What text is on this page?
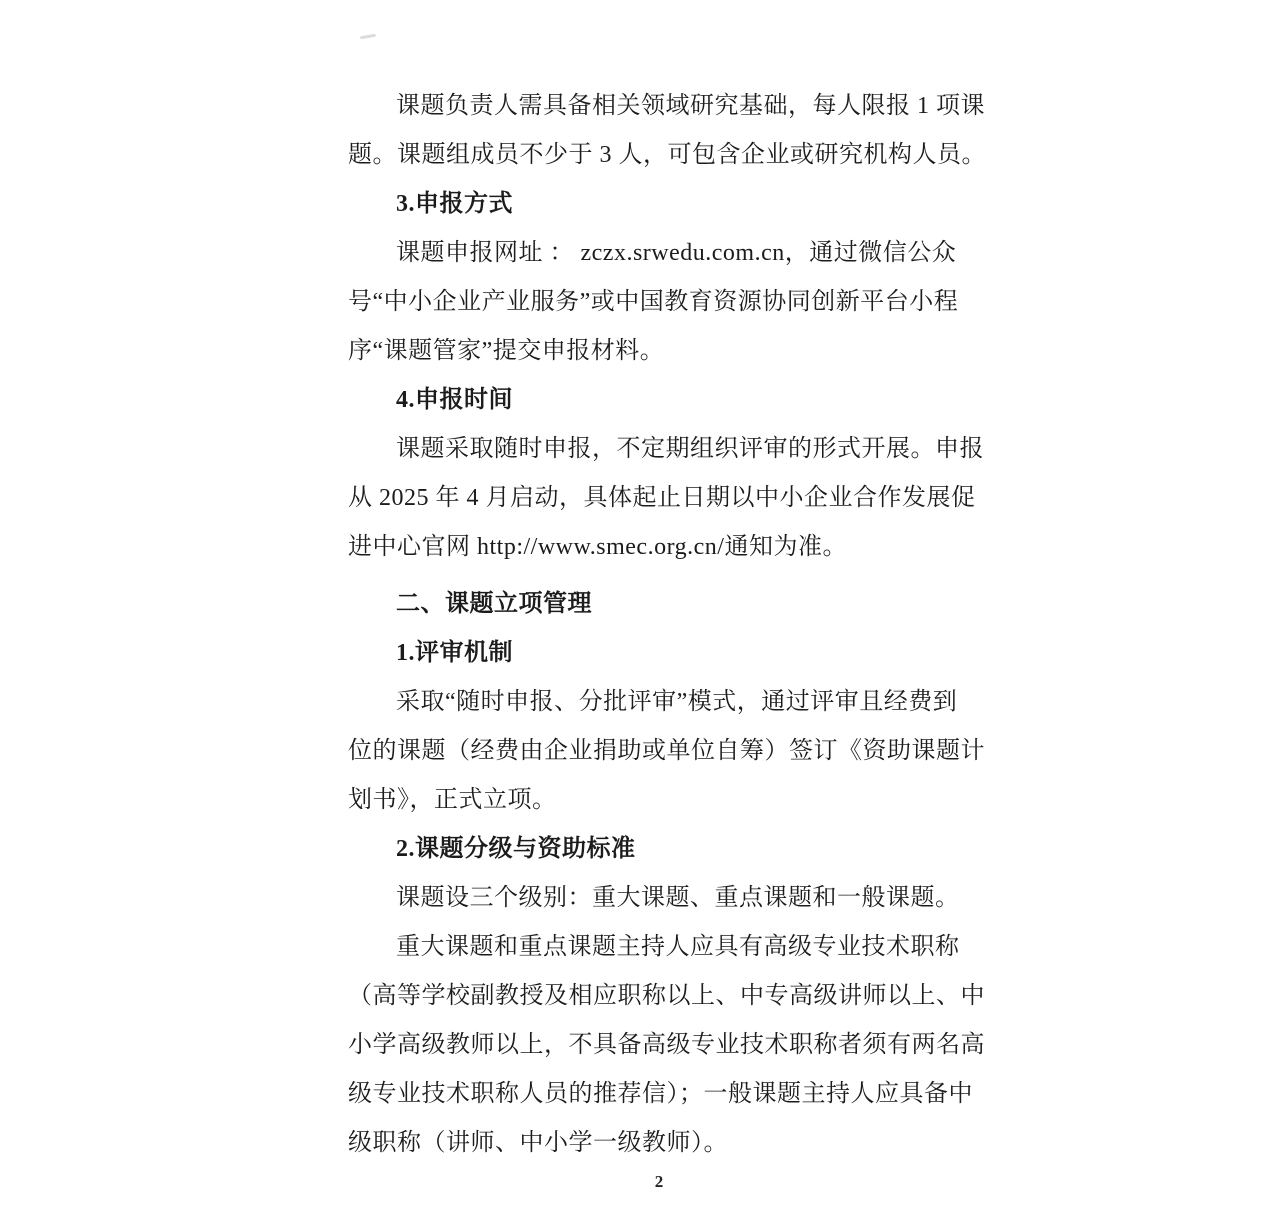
课题负责人需具备相关领域研究基础，每人限报 1 项课
题。课题组成员不少于 3 人，可包含企业或研究机构人员。
3.申报方式
课题申报网址 ： zczx.srwedu.com.cn，通过微信公众
号“中小企业产业服务”或中国教育资源协同创新平台小程
序“课题管家”提交申报材料。
4.申报时间
课题采取随时申报，不定期组织评审的形式开展。申报
从 2025 年 4 月启动，具体起止日期以中小企业合作发展促
进中心官网 http://www.smec.org.cn/通知为准。
二、课题立项管理
1.评审机制
采取“随时申报、分批评审”模式，通过评审且经费到
位的课题（经费由企业捐助或单位自筹）签订《资助课题计
划书》，正式立项。
2.课题分级与资助标准
课题设三个级别：重大课题、重点课题和一般课题。
重大课题和重点课题主持人应具有高级专业技术职称
（高等学校副教授及相应职称以上、中专高级讲师以上、中
小学高级教师以上，不具备高级专业技术职称者须有两名高
级专业技术职称人员的推荐信）；一般课题主持人应具备中
级职称（讲师、中小学一级教师）。
2
